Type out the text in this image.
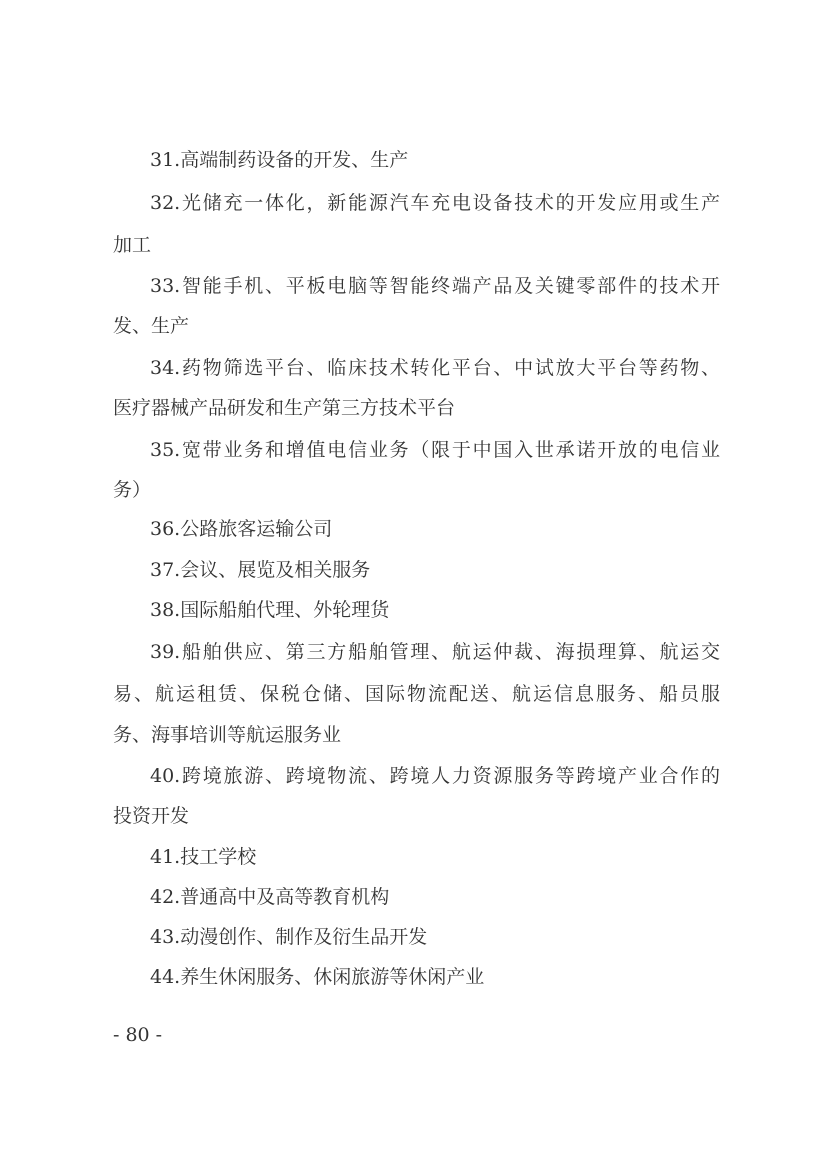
31.高端制药设备的开发、生产
32.光储充一体化，新能源汽车充电设备技术的开发应用或生产
加工
33.智能手机、平板电脑等智能终端产品及关键零部件的技术开
发、生产
34.药物筛选平台、临床技术转化平台、中试放大平台等药物、
医疗器械产品研发和生产第三方技术平台
35.宽带业务和增值电信业务（限于中国入世承诺开放的电信业
务）
36.公路旅客运输公司
37.会议、展览及相关服务
38.国际船舶代理、外轮理货
39.船舶供应、第三方船舶管理、航运仲裁、海损理算、航运交
易、航运租赁、保税仓储、国际物流配送、航运信息服务、船员服
务、海事培训等航运服务业
40.跨境旅游、跨境物流、跨境人力资源服务等跨境产业合作的
投资开发
41.技工学校
42.普通高中及高等教育机构
43.动漫创作、制作及衍生品开发
44.养生休闲服务、休闲旅游等休闲产业
- 80 -
